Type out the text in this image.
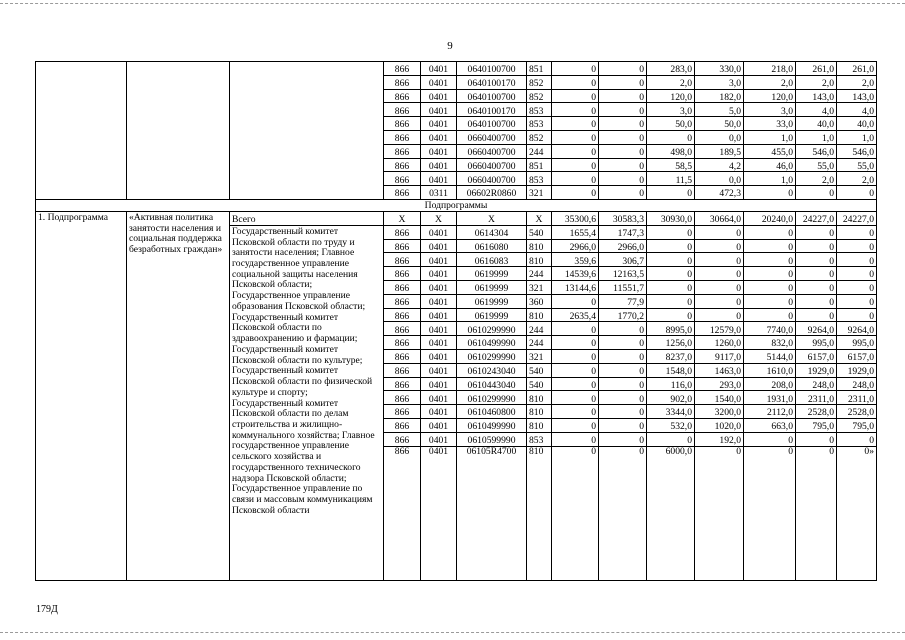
9
			866	0401	0640100700	851	0	0	283,0	330,0	218,0	261,0	261,0
			866	0401	0640100170	852	0	0	2,0	3,0	2,0	2,0	2,0
			866	0401	0640100700	852	0	0	120,0	182,0	120,0	143,0	143,0
			866	0401	0640100170	853	0	0	3,0	5,0	3,0	4,0	4,0
			866	0401	0640100700	853	0	0	50,0	50,0	33,0	40,0	40,0
			866	0401	0660400700	852	0	0	0	0,0	1,0	1,0	1,0
			866	0401	0660400700	244	0	0	498,0	189,5	455,0	546,0	546,0
			866	0401	0660400700	851	0	0	58,5	4,2	46,0	55,0	55,0
			866	0401	0660400700	853	0	0	11,5	0,0	1,0	2,0	2,0
			866	0311	06602R0860	321	0	0	0	472,3	0	0	0
Подпрограммы													
1. Подпрограмма	«Активная политика занятости населения и социальная поддержка безработных граждан»	Всего	X	X	X	X	35300,6	30583,3	30930,0	30664,0	20240,0	24227,0	24227,0
		Государственный комитет Псковской области по труду и занятости населения; Главное государственное управление социальной защиты населения Псковской области; Государственное управление образования Псковской области; Государственный комитет Псковской области по здравоохранению и фармации; Государственный комитет Псковской области по культуре; Государственный комитет Псковской области по физической культуре и спорту; Государственный комитет Псковской области по делам строительства и жилищно-коммунального хозяйства; Главное государственное управление сельского хозяйства и государственного технического надзора Псковской области; Государственное управление по связи и массовым коммуникациям Псковской области	866	0401	0614304	540	1655,4	1747,3	0	0	0	0	0
			866	0401	0616080	810	2966,0	2966,0	0	0	0	0	0
			866	0401	0616083	810	359,6	306,7	0	0	0	0	0
			866	0401	0619999	244	14539,6	12163,5	0	0	0	0	0
			866	0401	0619999	321	13144,6	11551,7	0	0	0	0	0
			866	0401	0619999	360	0	77,9	0	0	0	0	0
			866	0401	0619999	810	2635,4	1770,2	0	0	0	0	0
			866	0401	0610299990	244	0	0	8995,0	12579,0	7740,0	9264,0	9264,0
			866	0401	0610499990	244	0	0	1256,0	1260,0	832,0	995,0	995,0
			866	0401	0610299990	321	0	0	8237,0	9117,0	5144,0	6157,0	6157,0
			866	0401	0610243040	540	0	0	1548,0	1463,0	1610,0	1929,0	1929,0
			866	0401	0610443040	540	0	0	116,0	293,0	208,0	248,0	248,0
			866	0401	0610299990	810	0	0	902,0	1540,0	1931,0	2311,0	2311,0
			866	0401	0610460800	810	0	0	3344,0	3200,0	2112,0	2528,0	2528,0
			866	0401	0610499990	810	0	0	532,0	1020,0	663,0	795,0	795,0
			866	0401	0610599990	853	0	0	0	192,0	0	0	0
			866	0401	06105R4700	810	0	0	6000,0	0	0	0	0»

179Д
